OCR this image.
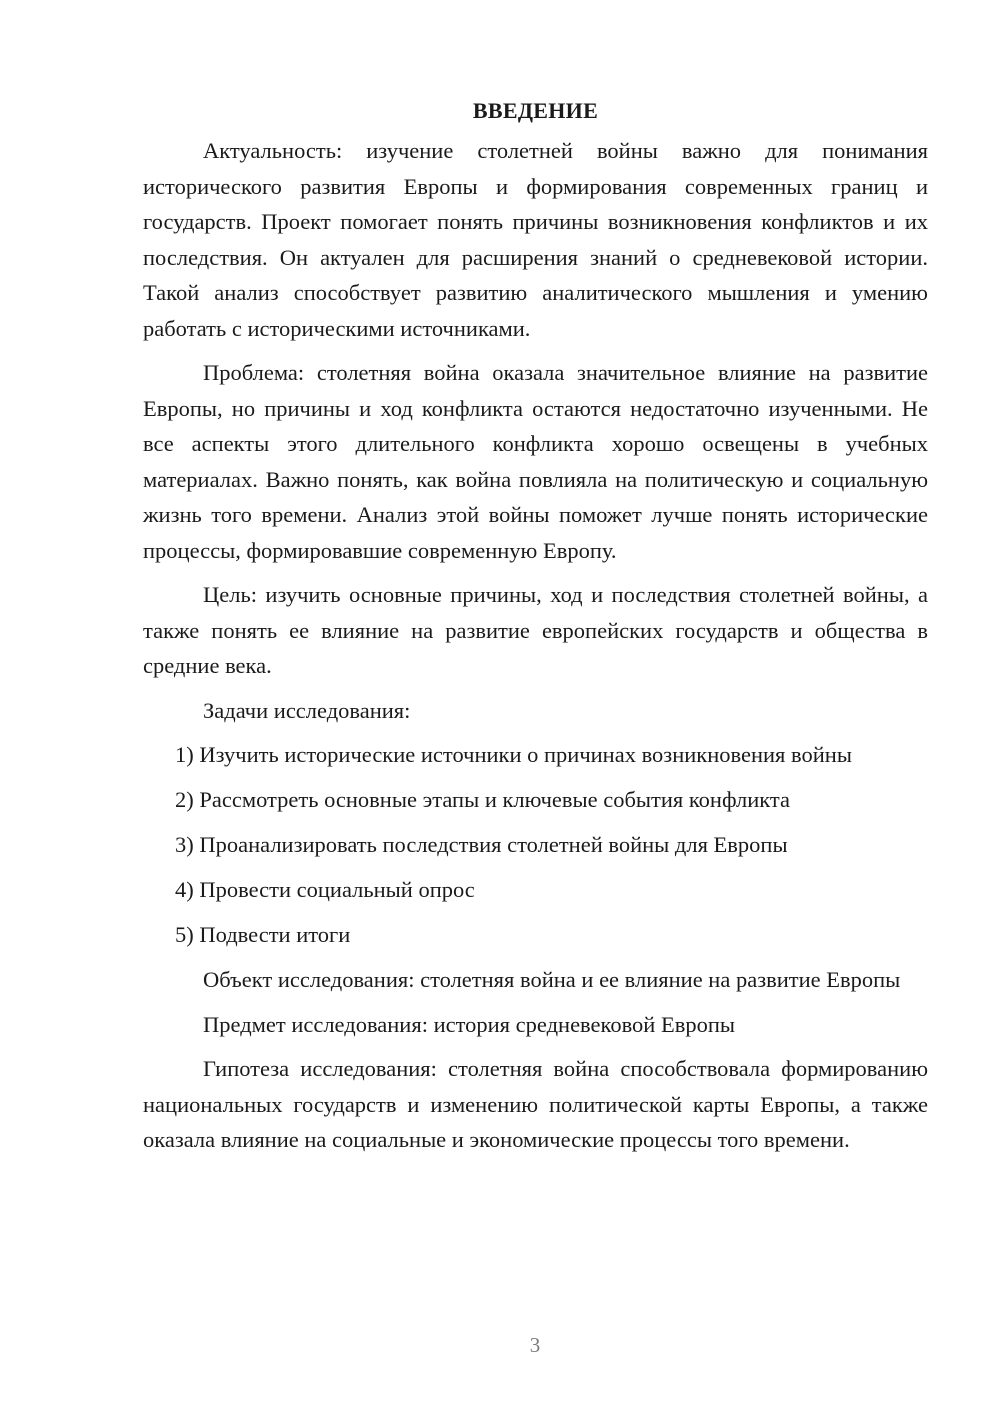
ВВЕДЕНИЕ

Актуальность: изучение столетней войны важно для понимания исторического развития Европы и формирования современных границ и государств. Проект помогает понять причины возникновения конфликтов и их последствия. Он актуален для расширения знаний о средневековой истории. Такой анализ способствует развитию аналитического мышления и умению работать с историческими источниками.

Проблема: столетняя война оказала значительное влияние на развитие Европы, но причины и ход конфликта остаются недостаточно изученными. Не все аспекты этого длительного конфликта хорошо освещены в учебных материалах. Важно понять, как война повлияла на политическую и социальную жизнь того времени. Анализ этой войны поможет лучше понять исторические процессы, формировавшие современную Европу.

Цель: изучить основные причины, ход и последствия столетней войны, а также понять ее влияние на развитие европейских государств и общества в средние века.

Задачи исследования:

1) Изучить исторические источники о причинах возникновения войны
2) Рассмотреть основные этапы и ключевые события конфликта
3) Проанализировать последствия столетней войны для Европы
4) Провести социальный опрос
5) Подвести итоги

Объект исследования: столетняя война и ее влияние на развитие Европы

Предмет исследования: история средневековой Европы

Гипотеза исследования: столетняя война способствовала формированию национальных государств и изменению политической карты Европы, а также оказала влияние на социальные и экономические процессы того времени.

3
